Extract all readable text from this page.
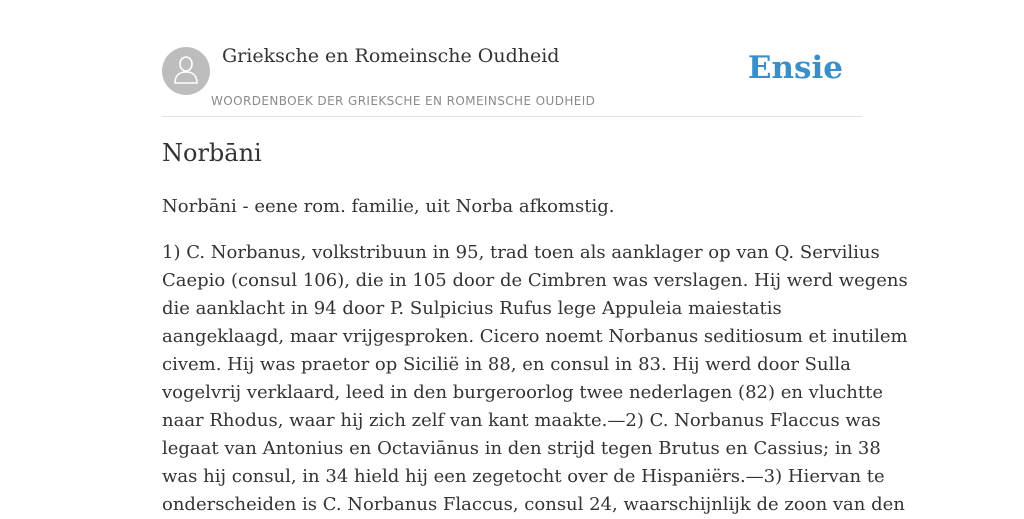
Grieksche en Romeinsche Oudheid
WOORDENBOEK DER GRIEKSCHE EN ROMEINSCHE OUDHEID
Ensie
Norbāni

Norbāni - eene rom. familie, uit Norba afkomstig.

1) C. Norbanus, volkstribuun in 95, trad toen als aanklager op van Q. Servilius
Caepio (consul 106), die in 105 door de Cimbren was verslagen. Hij werd wegens
die aanklacht in 94 door P. Sulpicius Rufus lege Appuleia maiestatis
aangeklaagd, maar vrijgesproken. Cicero noemt Norbanus seditiosum et inutilem
civem. Hij was praetor op Sicilië in 88, en consul in 83. Hij werd door Sulla
vogelvrij verklaard, leed in den burgeroorlog twee nederlagen (82) en vluchtte
naar Rhodus, waar hij zich zelf van kant maakte.—2) C. Norbanus Flaccus was
legaat van Antonius en Octaviānus in den strijd tegen Brutus en Cassius; in 38
was hij consul, in 34 hield hij een zegetocht over de Hispaniërs.—3) Hiervan te
onderscheiden is C. Norbanus Flaccus, consul 24, waarschijnlijk de zoon van den
